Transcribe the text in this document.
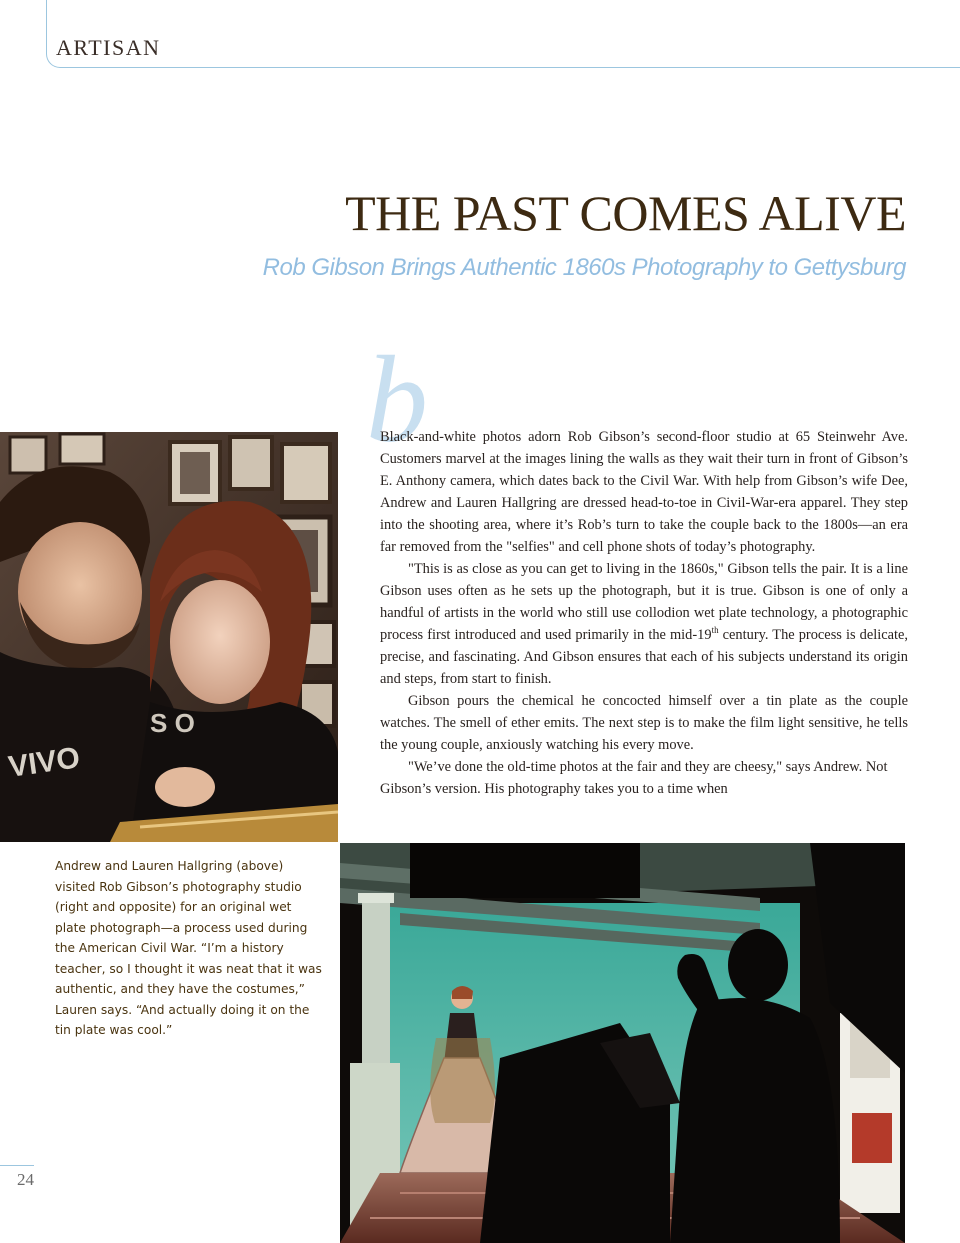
ARTISAN
THE PAST COMES ALIVE
Rob Gibson Brings Authentic 1860s Photography to Gettysburg
b

Black-and-white photos adorn Rob Gibson’s second-floor studio at 65 Steinwehr Ave. Customers marvel at the images lining the walls as they wait their turn in front of Gibson’s E. Anthony camera, which dates back to the Civil War. With help from Gibson’s wife Dee, Andrew and Lauren Hallgring are dressed head-to-toe in Civil-War-era apparel. They step into the shooting area, where it’s Rob’s turn to take the couple back to the 1800s—an era far removed from the "selfies" and cell phone shots of today’s photography.

"This is as close as you can get to living in the 1860s," Gibson tells the pair. It is a line Gibson uses often as he sets up the photograph, but it is true. Gibson is one of only a handful of artists in the world who still use collodion wet plate technology, a photographic process first introduced and used primarily in the mid-19th century. The process is delicate, precise, and fascinating. And Gibson ensures that each of his subjects understand its origin and steps, from start to finish.

Gibson pours the chemical he concocted himself over a tin plate as the couple watches. The smell of ether emits. The next step is to make the film light sensitive, he tells the young couple, anxiously watching his every move.

"We’ve done the old-time photos at the fair and they are cheesy," says Andrew. Not Gibson’s version. His photography takes you to a time when

VIVO
S O
Andrew and Lauren Hallgring (above) visited Rob Gibson’s photography studio (right and opposite) for an original wet plate photograph—a process used during the American Civil War. “I’m a history teacher, so I thought it was neat that it was authentic, and they have the costumes,” Lauren says. “And actually doing it on the tin plate was cool.”
24
